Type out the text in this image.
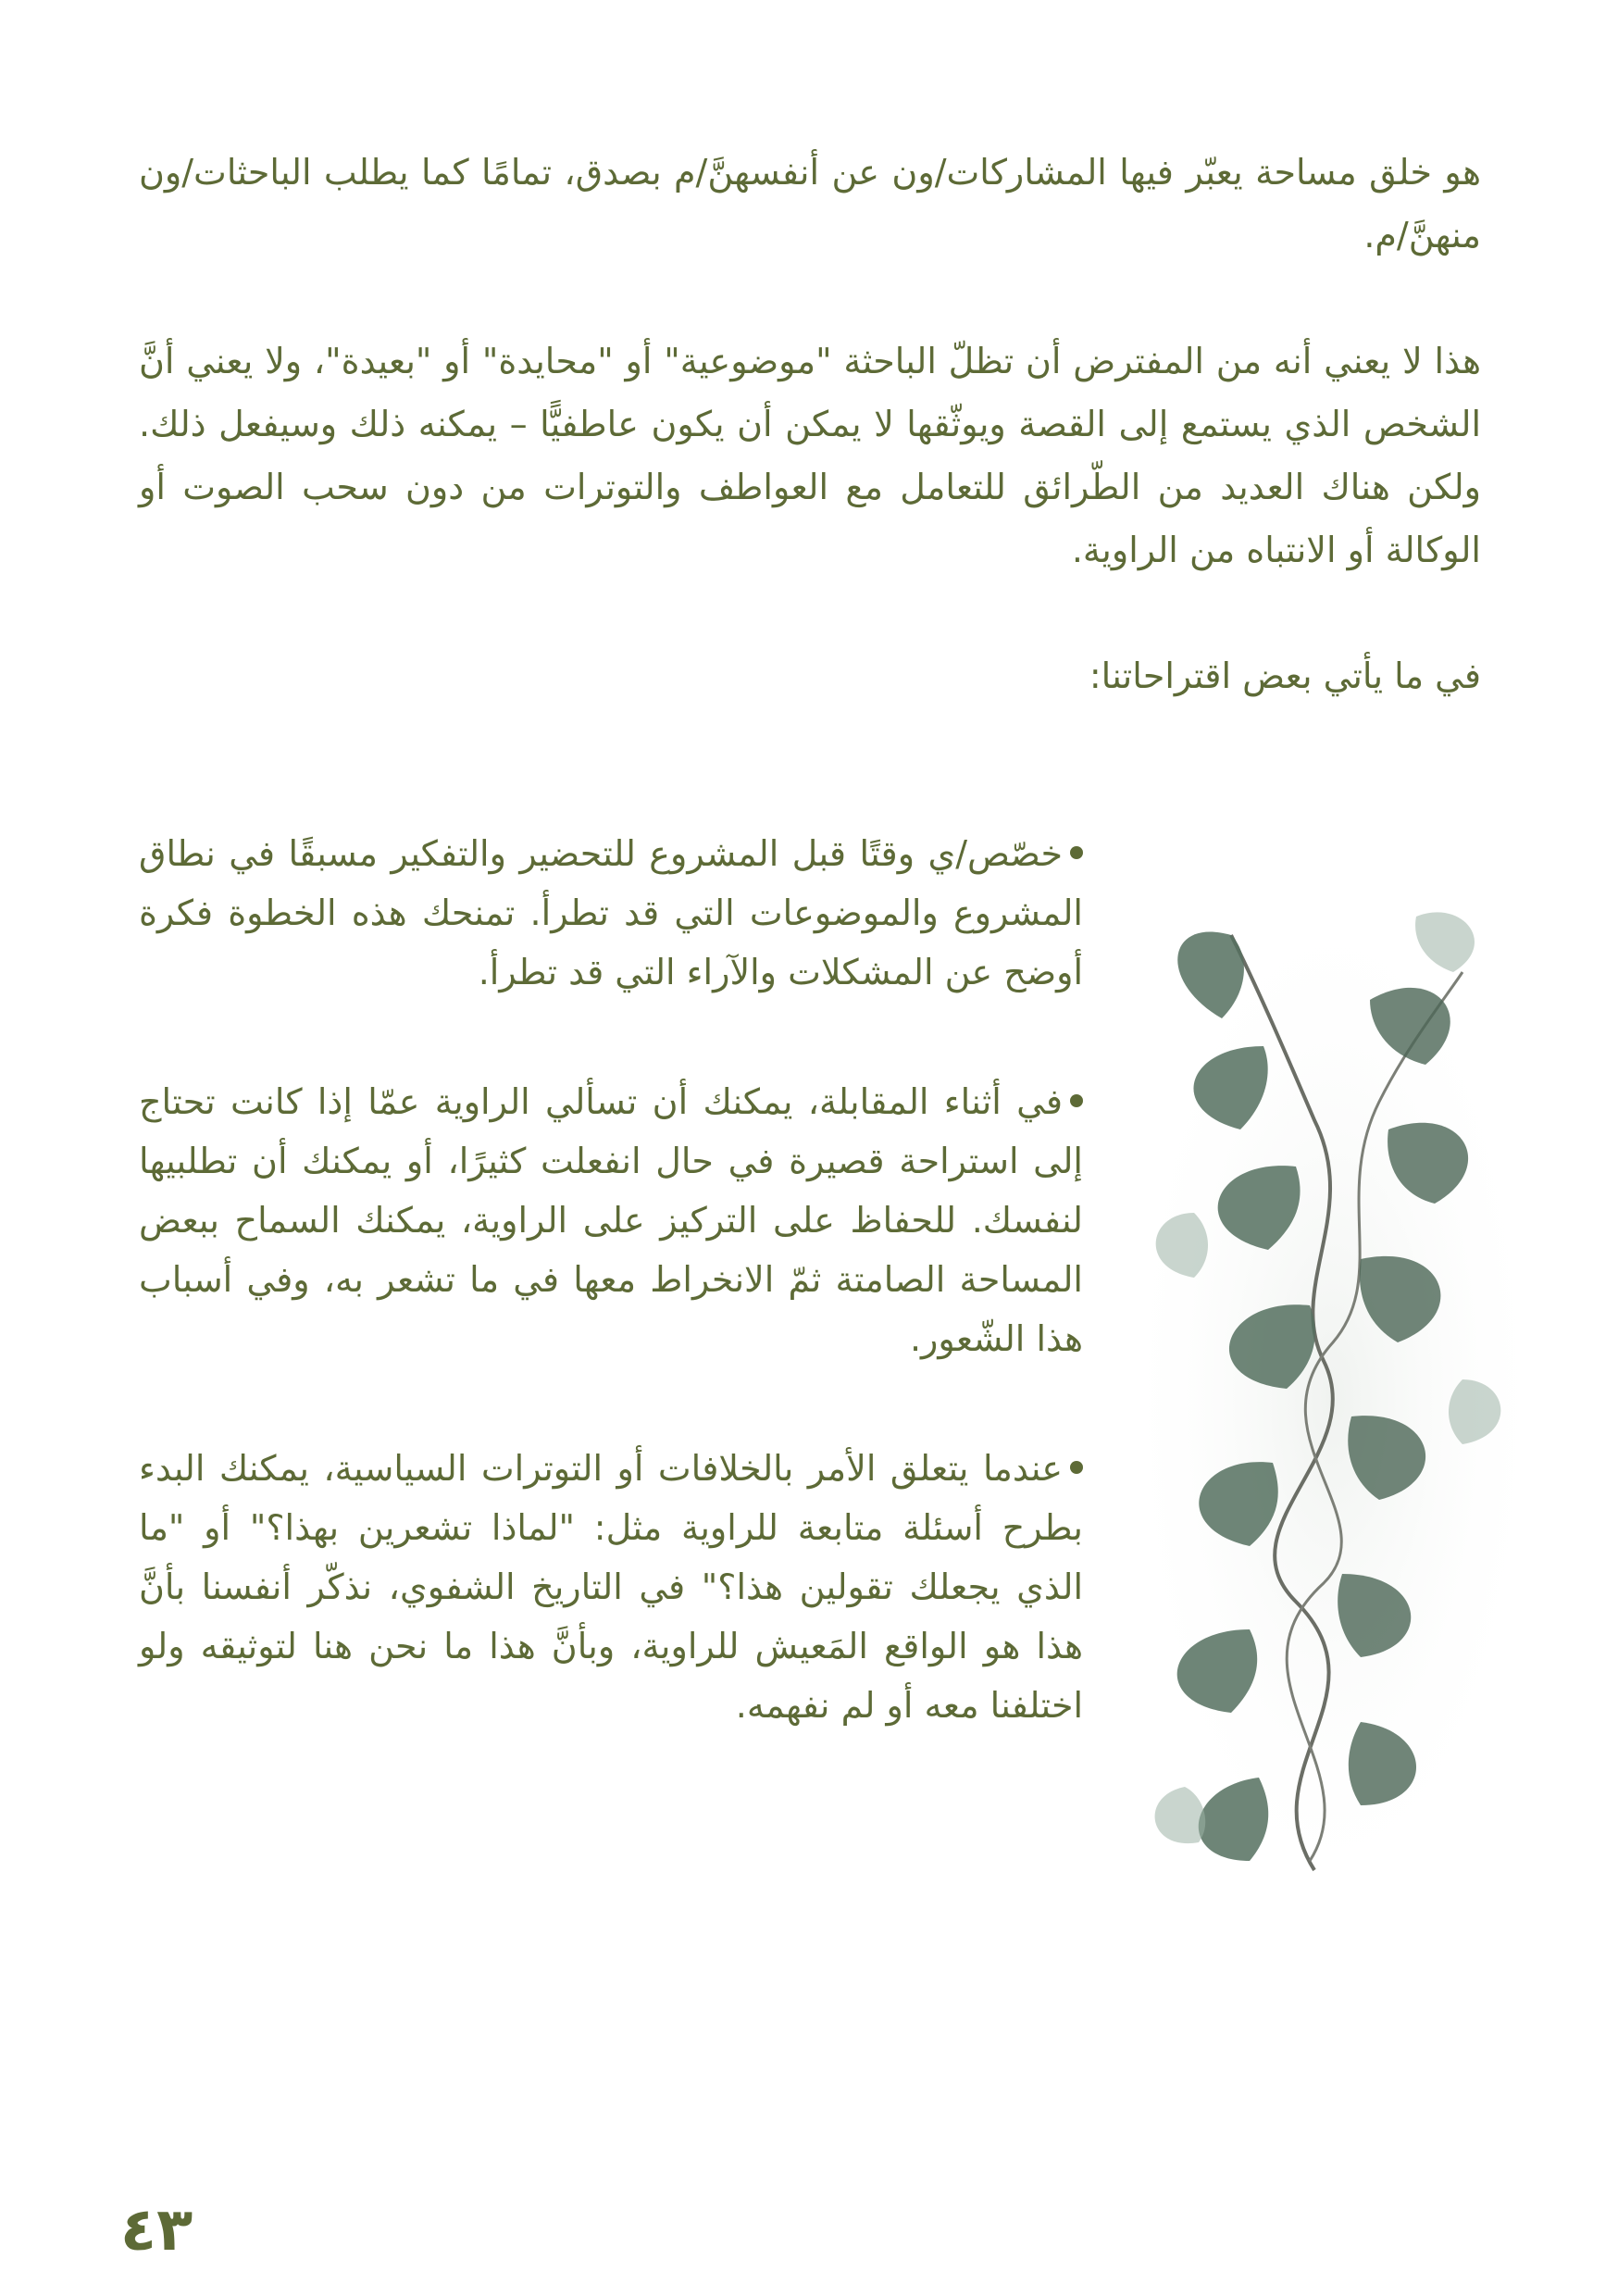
هو خلق مساحة يعبّر فيها المشاركات/ون عن أنفسهنَّ/م بصدق، تمامًا كما يطلب الباحثات/ون منهنَّ/م.

هذا لا يعني أنه من المفترض أن تظلّ الباحثة "موضوعية" أو "محايدة" أو "بعيدة"، ولا يعني أنَّ الشخص الذي يستمع إلى القصة ويوثّقها لا يمكن أن يكون عاطفيًّا – يمكنه ذلك وسيفعل ذلك. ولكن هناك العديد من الطّرائق للتعامل مع العواطف والتوترات من دون سحب الصوت أو الوكالة أو الانتباه من الراوية.

في ما يأتي بعض اقتراحاتنا:

خصّص/ي وقتًا قبل المشروع للتحضير والتفكير مسبقًا في نطاق المشروع والموضوعات التي قد تطرأ. تمنحك هذه الخطوة فكرة أوضح عن المشكلات والآراء التي قد تطرأ.

في أثناء المقابلة، يمكنك أن تسألي الراوية عمّا إذا كانت تحتاج إلى استراحة قصيرة في حال انفعلت كثيرًا، أو يمكنك أن تطلبيها لنفسك. للحفاظ على التركيز على الراوية، يمكنك السماح ببعض المساحة الصامتة ثمّ الانخراط معها في ما تشعر به، وفي أسباب هذا الشّعور.

عندما يتعلق الأمر بالخلافات أو التوترات السياسية، يمكنك البدء بطرح أسئلة متابعة للراوية مثل: "لماذا تشعرين بهذا؟" أو "ما الذي يجعلك تقولين هذا؟" في التاريخ الشفوي، نذكّر أنفسنا بأنَّ هذا هو الواقع المَعيش للراوية، وبأنَّ هذا ما نحن هنا لتوثيقه ولو اختلفنا معه أو لم نفهمه.

٤٣
